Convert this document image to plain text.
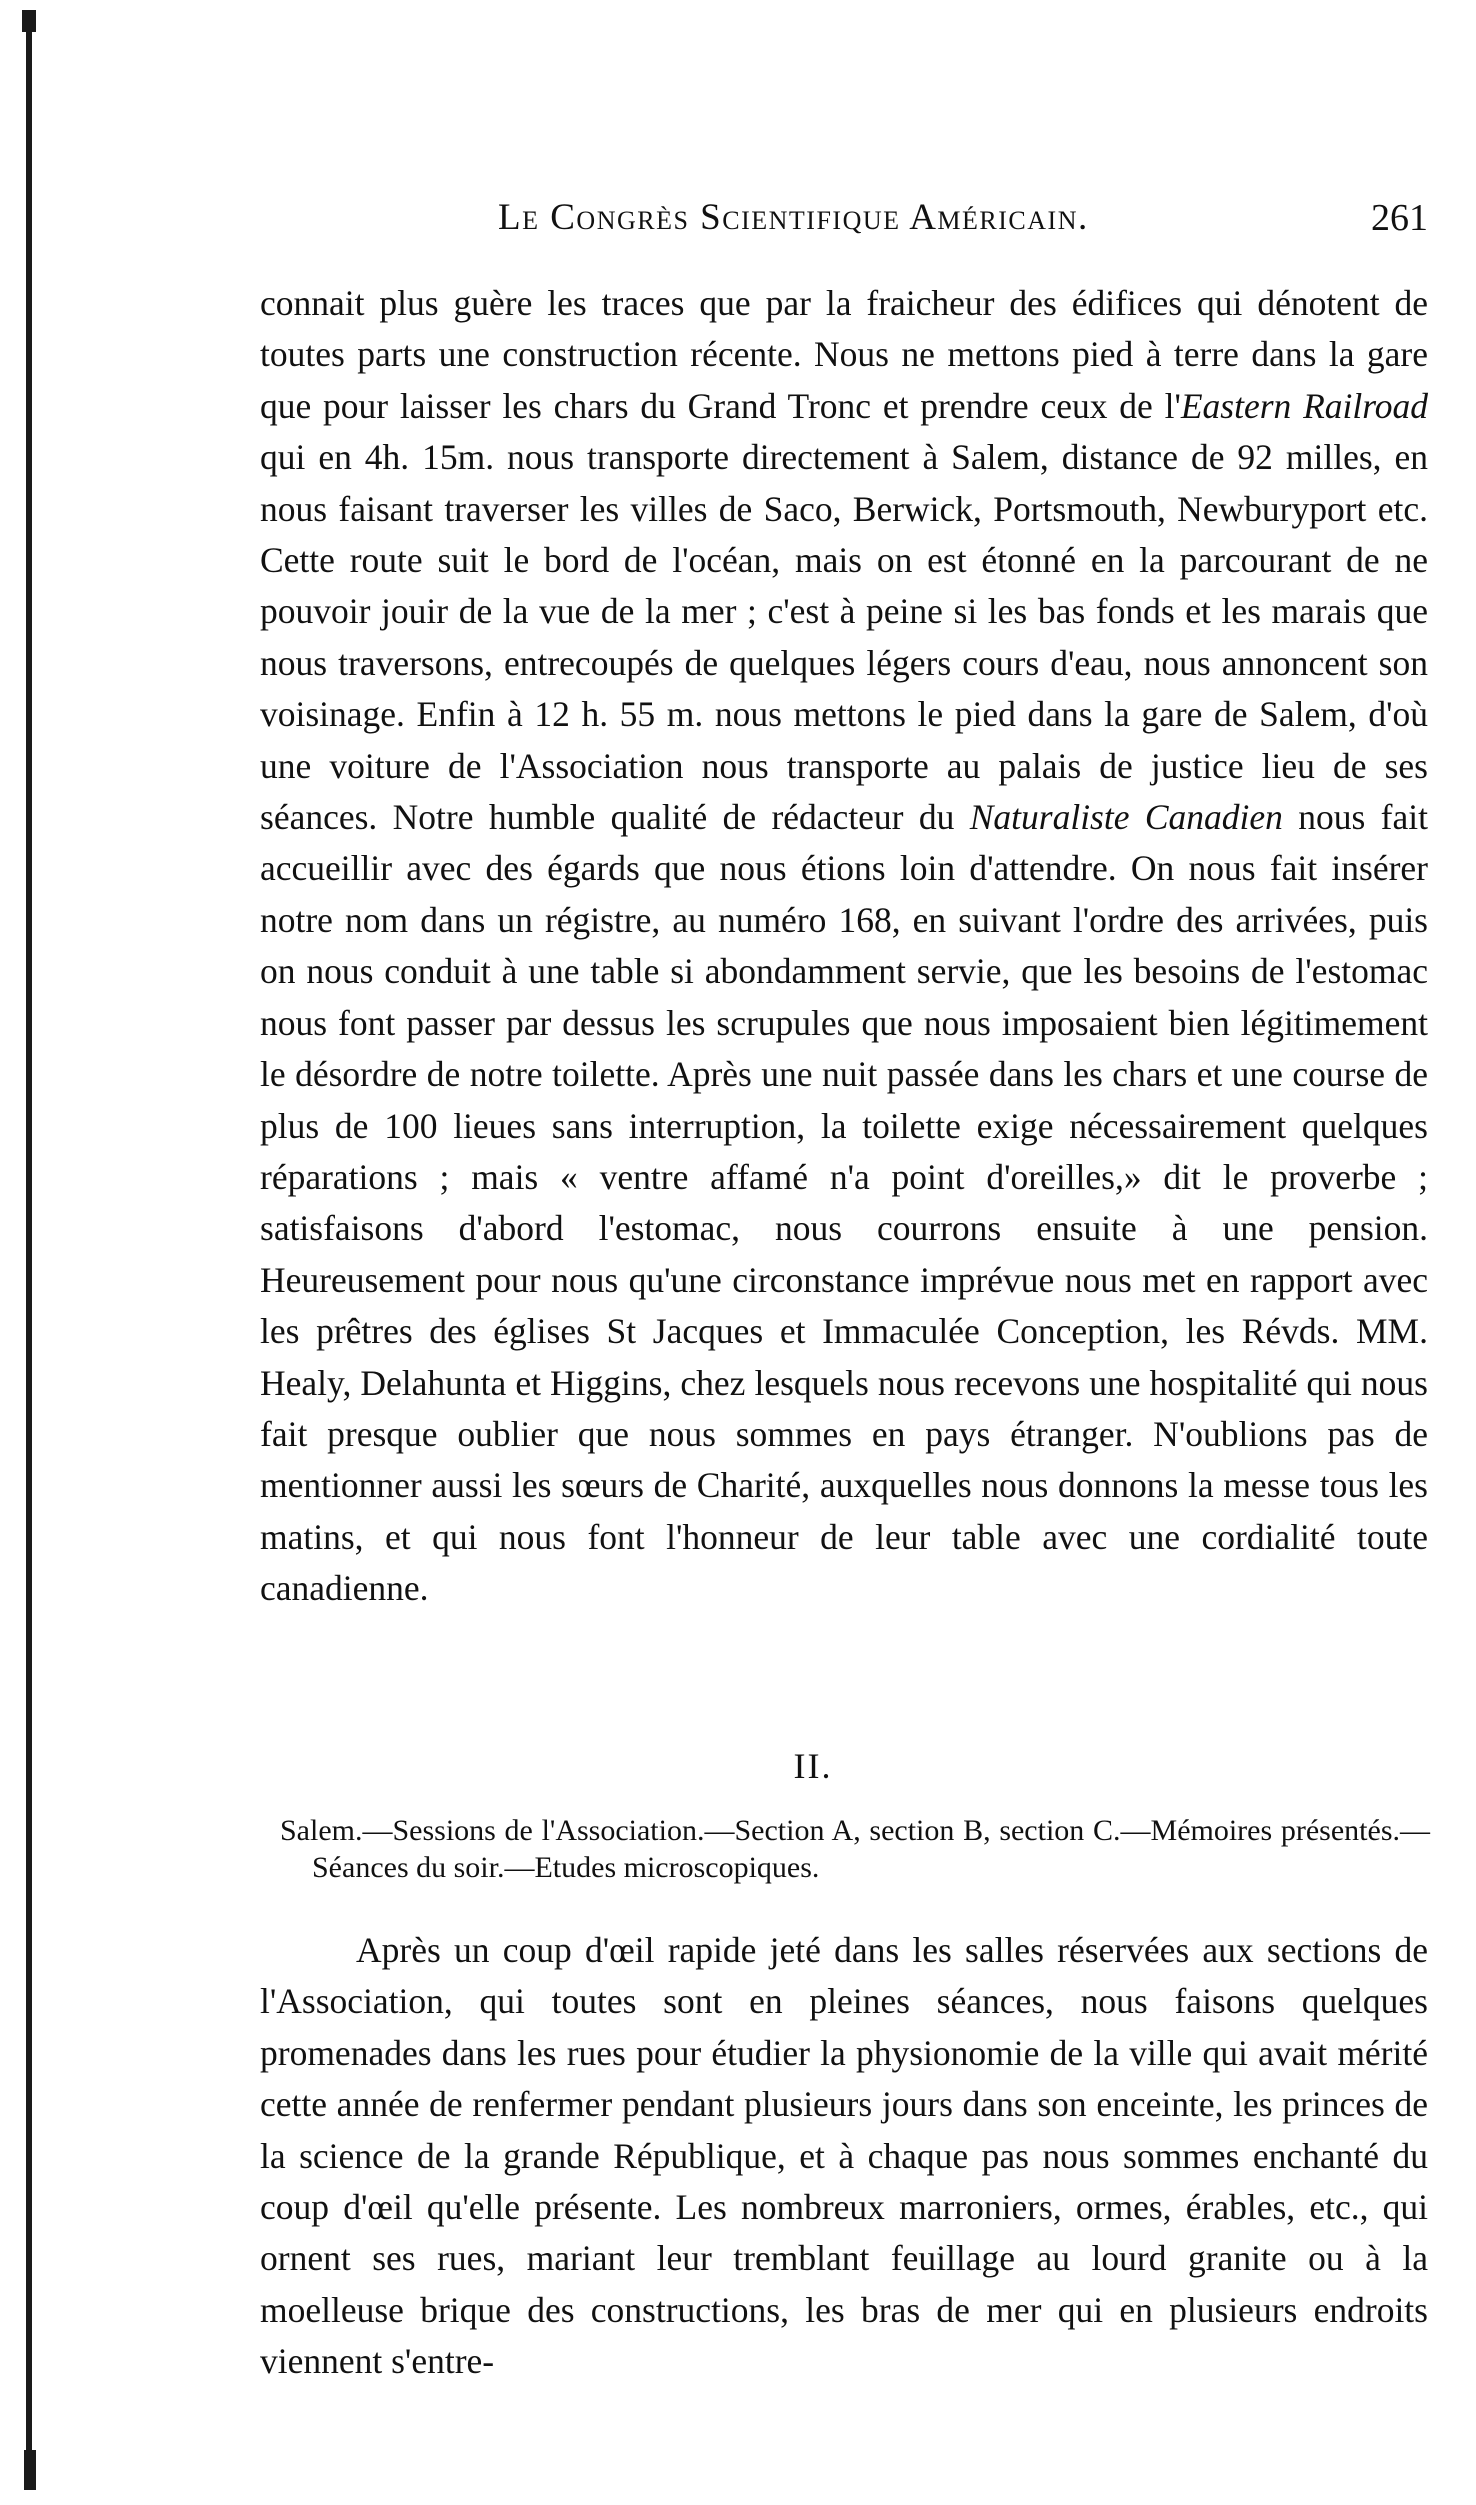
Le Congrès Scientifique Américain.	261

connait plus guère les traces que par la fraicheur des édifices qui dénotent de toutes parts une construction récente. Nous ne mettons pied à terre dans la gare que pour laisser les chars du Grand Tronc et prendre ceux de l'Eastern Railroad qui en 4h. 15m. nous transporte directement à Salem, distance de 92 milles, en nous faisant traverser les villes de Saco, Berwick, Portsmouth, Newburyport etc. Cette route suit le bord de l'océan, mais on est étonné en la parcourant de ne pouvoir jouir de la vue de la mer ; c'est à peine si les bas fonds et les marais que nous traversons, entrecoupés de quelques légers cours d'eau, nous annoncent son voisinage. Enfin à 12 h. 55 m. nous mettons le pied dans la gare de Salem, d'où une voiture de l'Association nous transporte au palais de justice lieu de ses séances. Notre humble qualité de rédacteur du Naturaliste Canadien nous fait accueillir avec des égards que nous étions loin d'attendre. On nous fait insérer notre nom dans un régistre, au numéro 168, en suivant l'ordre des arrivées, puis on nous conduit à une table si abondamment servie, que les besoins de l'estomac nous font passer par dessus les scrupules que nous imposaient bien légitimement le désordre de notre toilette. Après une nuit passée dans les chars et une course de plus de 100 lieues sans interruption, la toilette exige nécessairement quelques réparations ; mais « ventre affamé n'a point d'oreilles,» dit le proverbe ; satisfaisons d'abord l'estomac, nous courrons ensuite à une pension. Heureusement pour nous qu'une circonstance imprévue nous met en rapport avec les prêtres des églises St Jacques et Immaculée Conception, les Révds. MM. Healy, Delahunta et Higgins, chez lesquels nous recevons une hospitalité qui nous fait presque oublier que nous sommes en pays étranger. N'oublions pas de mentionner aussi les sœurs de Charité, auxquelles nous donnons la messe tous les matins, et qui nous font l'honneur de leur table avec une cordialité toute canadienne.

II.

Salem.—Sessions de l'Association.—Section A, section B, section C.—Mémoires présentés.—Séances du soir.—Etudes microscopiques.

Après un coup d'œil rapide jeté dans les salles réservées aux sections de l'Association, qui toutes sont en pleines séances, nous faisons quelques promenades dans les rues pour étudier la physionomie de la ville qui avait mérité cette année de renfermer pendant plusieurs jours dans son enceinte, les princes de la science de la grande République, et à chaque pas nous sommes enchanté du coup d'œil qu'elle présente. Les nombreux marroniers, ormes, érables, etc., qui ornent ses rues, mariant leur tremblant feuillage au lourd granite ou à la moelleuse brique des constructions, les bras de mer qui en plusieurs endroits viennent s'entre-
